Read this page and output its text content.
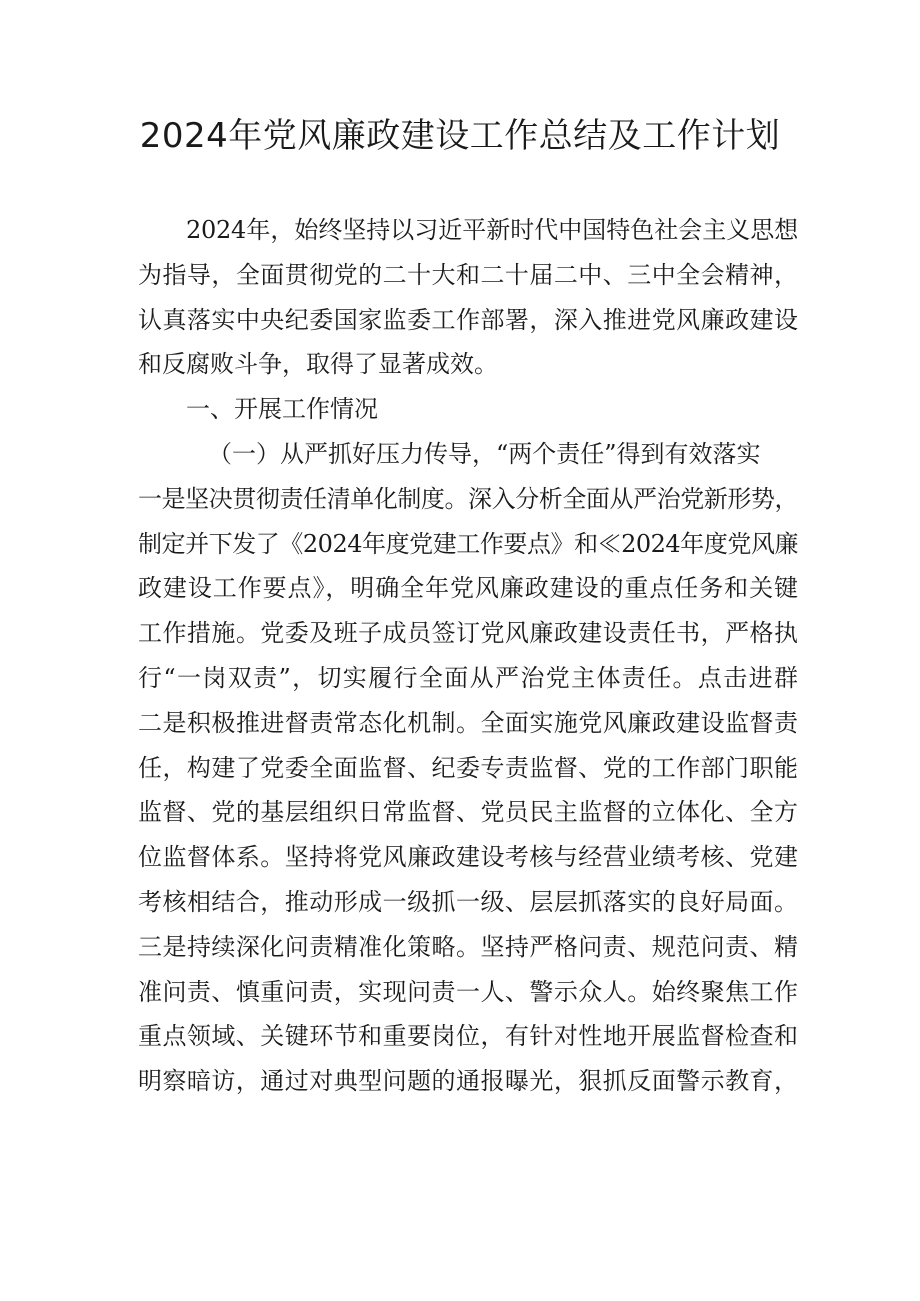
2024年党风廉政建设工作总结及工作计划
2024年，始终坚持以习近平新时代中国特色社会主义思想
为指导，全面贯彻党的二十大和二十届二中、三中全会精神，
认真落实中央纪委国家监委工作部署，深入推进党风廉政建设
和反腐败斗争，取得了显著成效。
一、开展工作情况
（一）从严抓好压力传导，“两个责任”得到有效落实
一是坚决贯彻责任清单化制度。深入分析全面从严治党新形势，
制定并下发了《2024年度党建工作要点》和≪2024年度党风廉
政建设工作要点》，明确全年党风廉政建设的重点任务和关键
工作措施。党委及班子成员签订党风廉政建设责任书，严格执
行“一岗双责”，切实履行全面从严治党主体责任。点击进群
二是积极推进督责常态化机制。全面实施党风廉政建设监督责
任，构建了党委全面监督、纪委专责监督、党的工作部门职能
监督、党的基层组织日常监督、党员民主监督的立体化、全方
位监督体系。坚持将党风廉政建设考核与经营业绩考核、党建
考核相结合，推动形成一级抓一级、层层抓落实的良好局面。
三是持续深化问责精准化策略。坚持严格问责、规范问责、精
准问责、慎重问责，实现问责一人、警示众人。始终聚焦工作
重点领域、关键环节和重要岗位，有针对性地开展监督检查和
明察暗访，通过对典型问题的通报曝光，狠抓反面警示教育，
